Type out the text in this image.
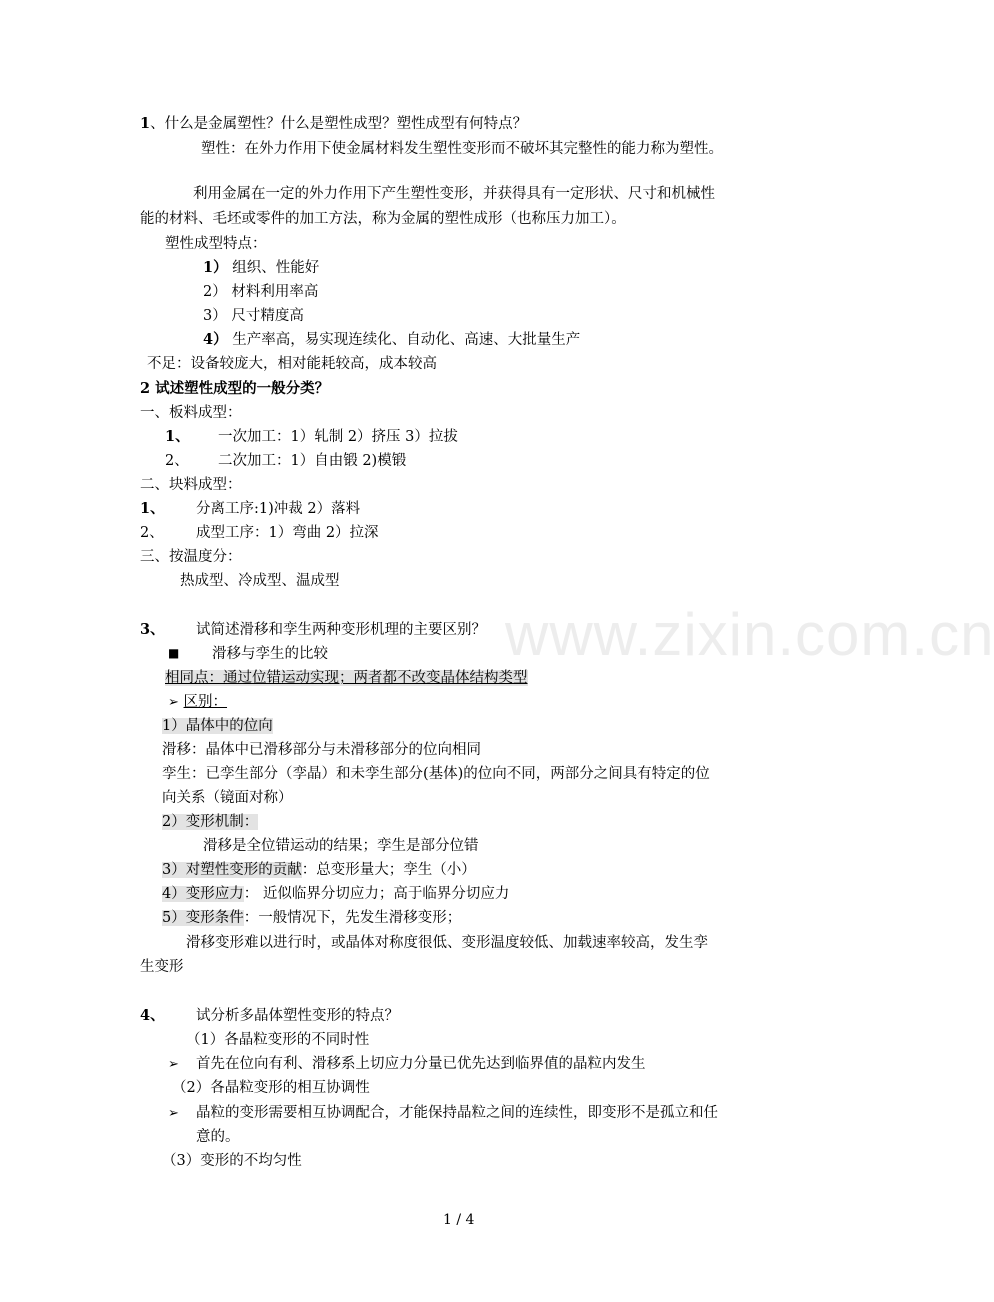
www.zixin.com.cn
1、什么是金属塑性？什么是塑性成型？塑性成型有何特点？
塑性：在外力作用下使金属材料发生塑性变形而不破坏其完整性的能力称为塑性。
利用金属在一定的外力作用下产生塑性变形，并获得具有一定形状、尺寸和机械性
能的材料、毛坯或零件的加工方法，称为金属的塑性成形（也称压力加工）。
塑性成型特点：
1） 组织、性能好
2） 材料利用率高
3） 尺寸精度高
4） 生产率高，易实现连续化、自动化、高速、大批量生产
不足：设备较庞大，相对能耗较高，成本较高
2 试述塑性成型的一般分类？
一、板料成型：
1、 一次加工：1）轧制 2）挤压 3）拉拔
2、 二次加工：1）自由锻 2)模锻
二、块料成型：
1、 分离工序:1)冲裁 2）落料
2、 成型工序：1）弯曲 2）拉深
三、按温度分：
热成型、冷成型、温成型
3、 试简述滑移和孪生两种变形机理的主要区别？
■ 滑移与孪生的比较
相同点：通过位错运动实现；两者都不改变晶体结构类型
➢ 区别：
1）晶体中的位向
滑移：晶体中已滑移部分与未滑移部分的位向相同
孪生：已孪生部分（孪晶）和未孪生部分(基体)的位向不同，两部分之间具有特定的位
向关系（镜面对称）
2）变形机制：
滑移是全位错运动的结果；孪生是部分位错
3）对塑性变形的贡献：总变形量大；孪生（小）
4）变形应力： 近似临界分切应力；高于临界分切应力
5）变形条件：一般情况下，先发生滑移变形；
滑移变形难以进行时，或晶体对称度很低、变形温度较低、加载速率较高，发生孪
生变形
4、 试分析多晶体塑性变形的特点？
（1）各晶粒变形的不同时性
➢ 首先在位向有利、滑移系上切应力分量已优先达到临界值的晶粒内发生
（2）各晶粒变形的相互协调性
➢ 晶粒的变形需要相互协调配合，才能保持晶粒之间的连续性，即变形不是孤立和任
意的。
（3）变形的不均匀性
1 / 4
